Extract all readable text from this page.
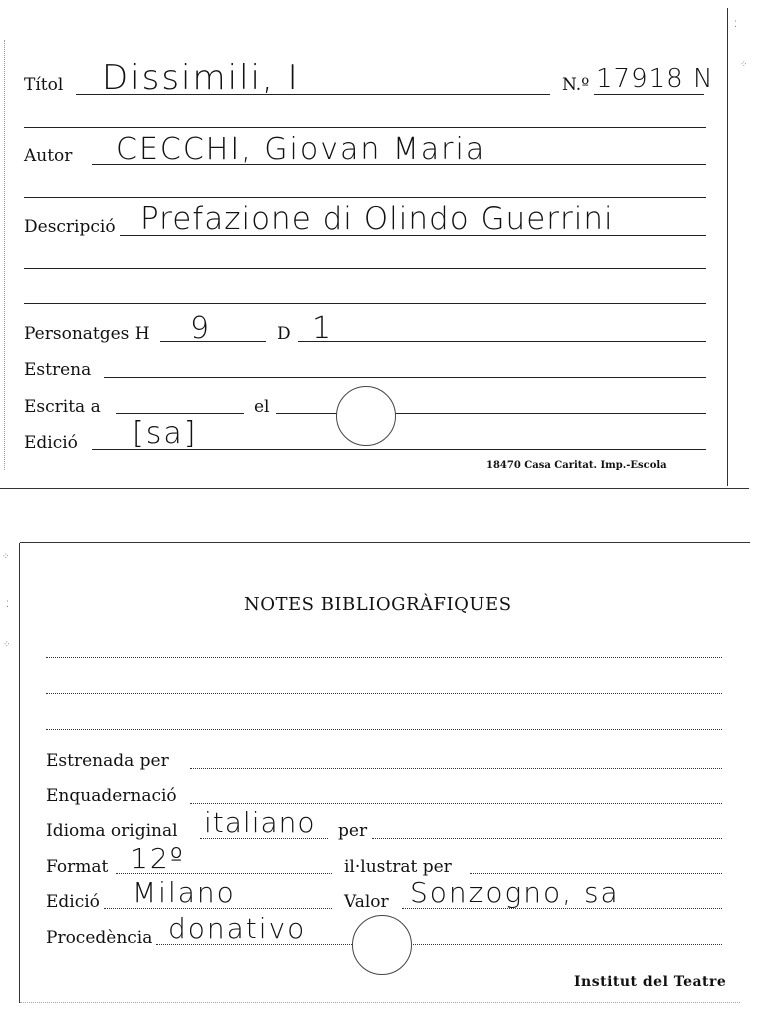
Títol Dissimili, I	N.º 17918 N
Autor CECCHI, Giovan Maria
Descripció Prefazione di Olindo Guerrini
Personatges H 9	D 1
Estrena
Escrita a	el
Edició [sa]
18470 Casa Caritat. Imp.-Escola
⁚
⁘
⁘
⁚
⁘
NOTES BIBLIOGRÀFIQUES
Estrenada per
Enquadernació
Idioma original italiano per
Format 12º	il·lustrat per
Edició Milano	Valor Sonzogno, sa
Procedència donativo
Institut del Teatre
